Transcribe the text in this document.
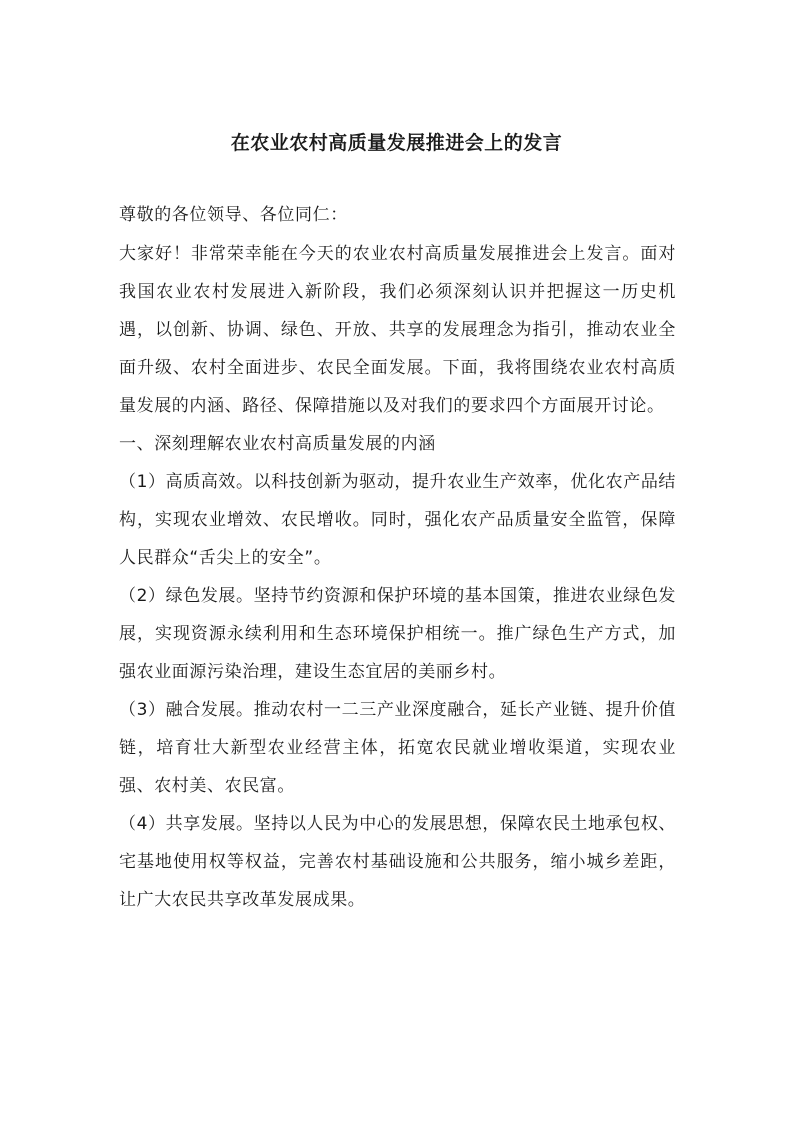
在农业农村高质量发展推进会上的发言

尊敬的各位领导、各位同仁：

大家好！非常荣幸能在今天的农业农村高质量发展推进会上发言。面对我国农业农村发展进入新阶段，我们必须深刻认识并把握这一历史机遇，以创新、协调、绿色、开放、共享的发展理念为指引，推动农业全面升级、农村全面进步、农民全面发展。下面，我将围绕农业农村高质量发展的内涵、路径、保障措施以及对我们的要求四个方面展开讨论。

一、深刻理解农业农村高质量发展的内涵

（1）高质高效。以科技创新为驱动，提升农业生产效率，优化农产品结构，实现农业增效、农民增收。同时，强化农产品质量安全监管，保障人民群众“舌尖上的安全”。

（2）绿色发展。坚持节约资源和保护环境的基本国策，推进农业绿色发展，实现资源永续利用和生态环境保护相统一。推广绿色生产方式，加强农业面源污染治理，建设生态宜居的美丽乡村。

（3）融合发展。推动农村一二三产业深度融合，延长产业链、提升价值链，培育壮大新型农业经营主体，拓宽农民就业增收渠道，实现农业强、农村美、农民富。

（4）共享发展。坚持以人民为中心的发展思想，保障农民土地承包权、宅基地使用权等权益，完善农村基础设施和公共服务，缩小城乡差距，让广大农民共享改革发展成果。
